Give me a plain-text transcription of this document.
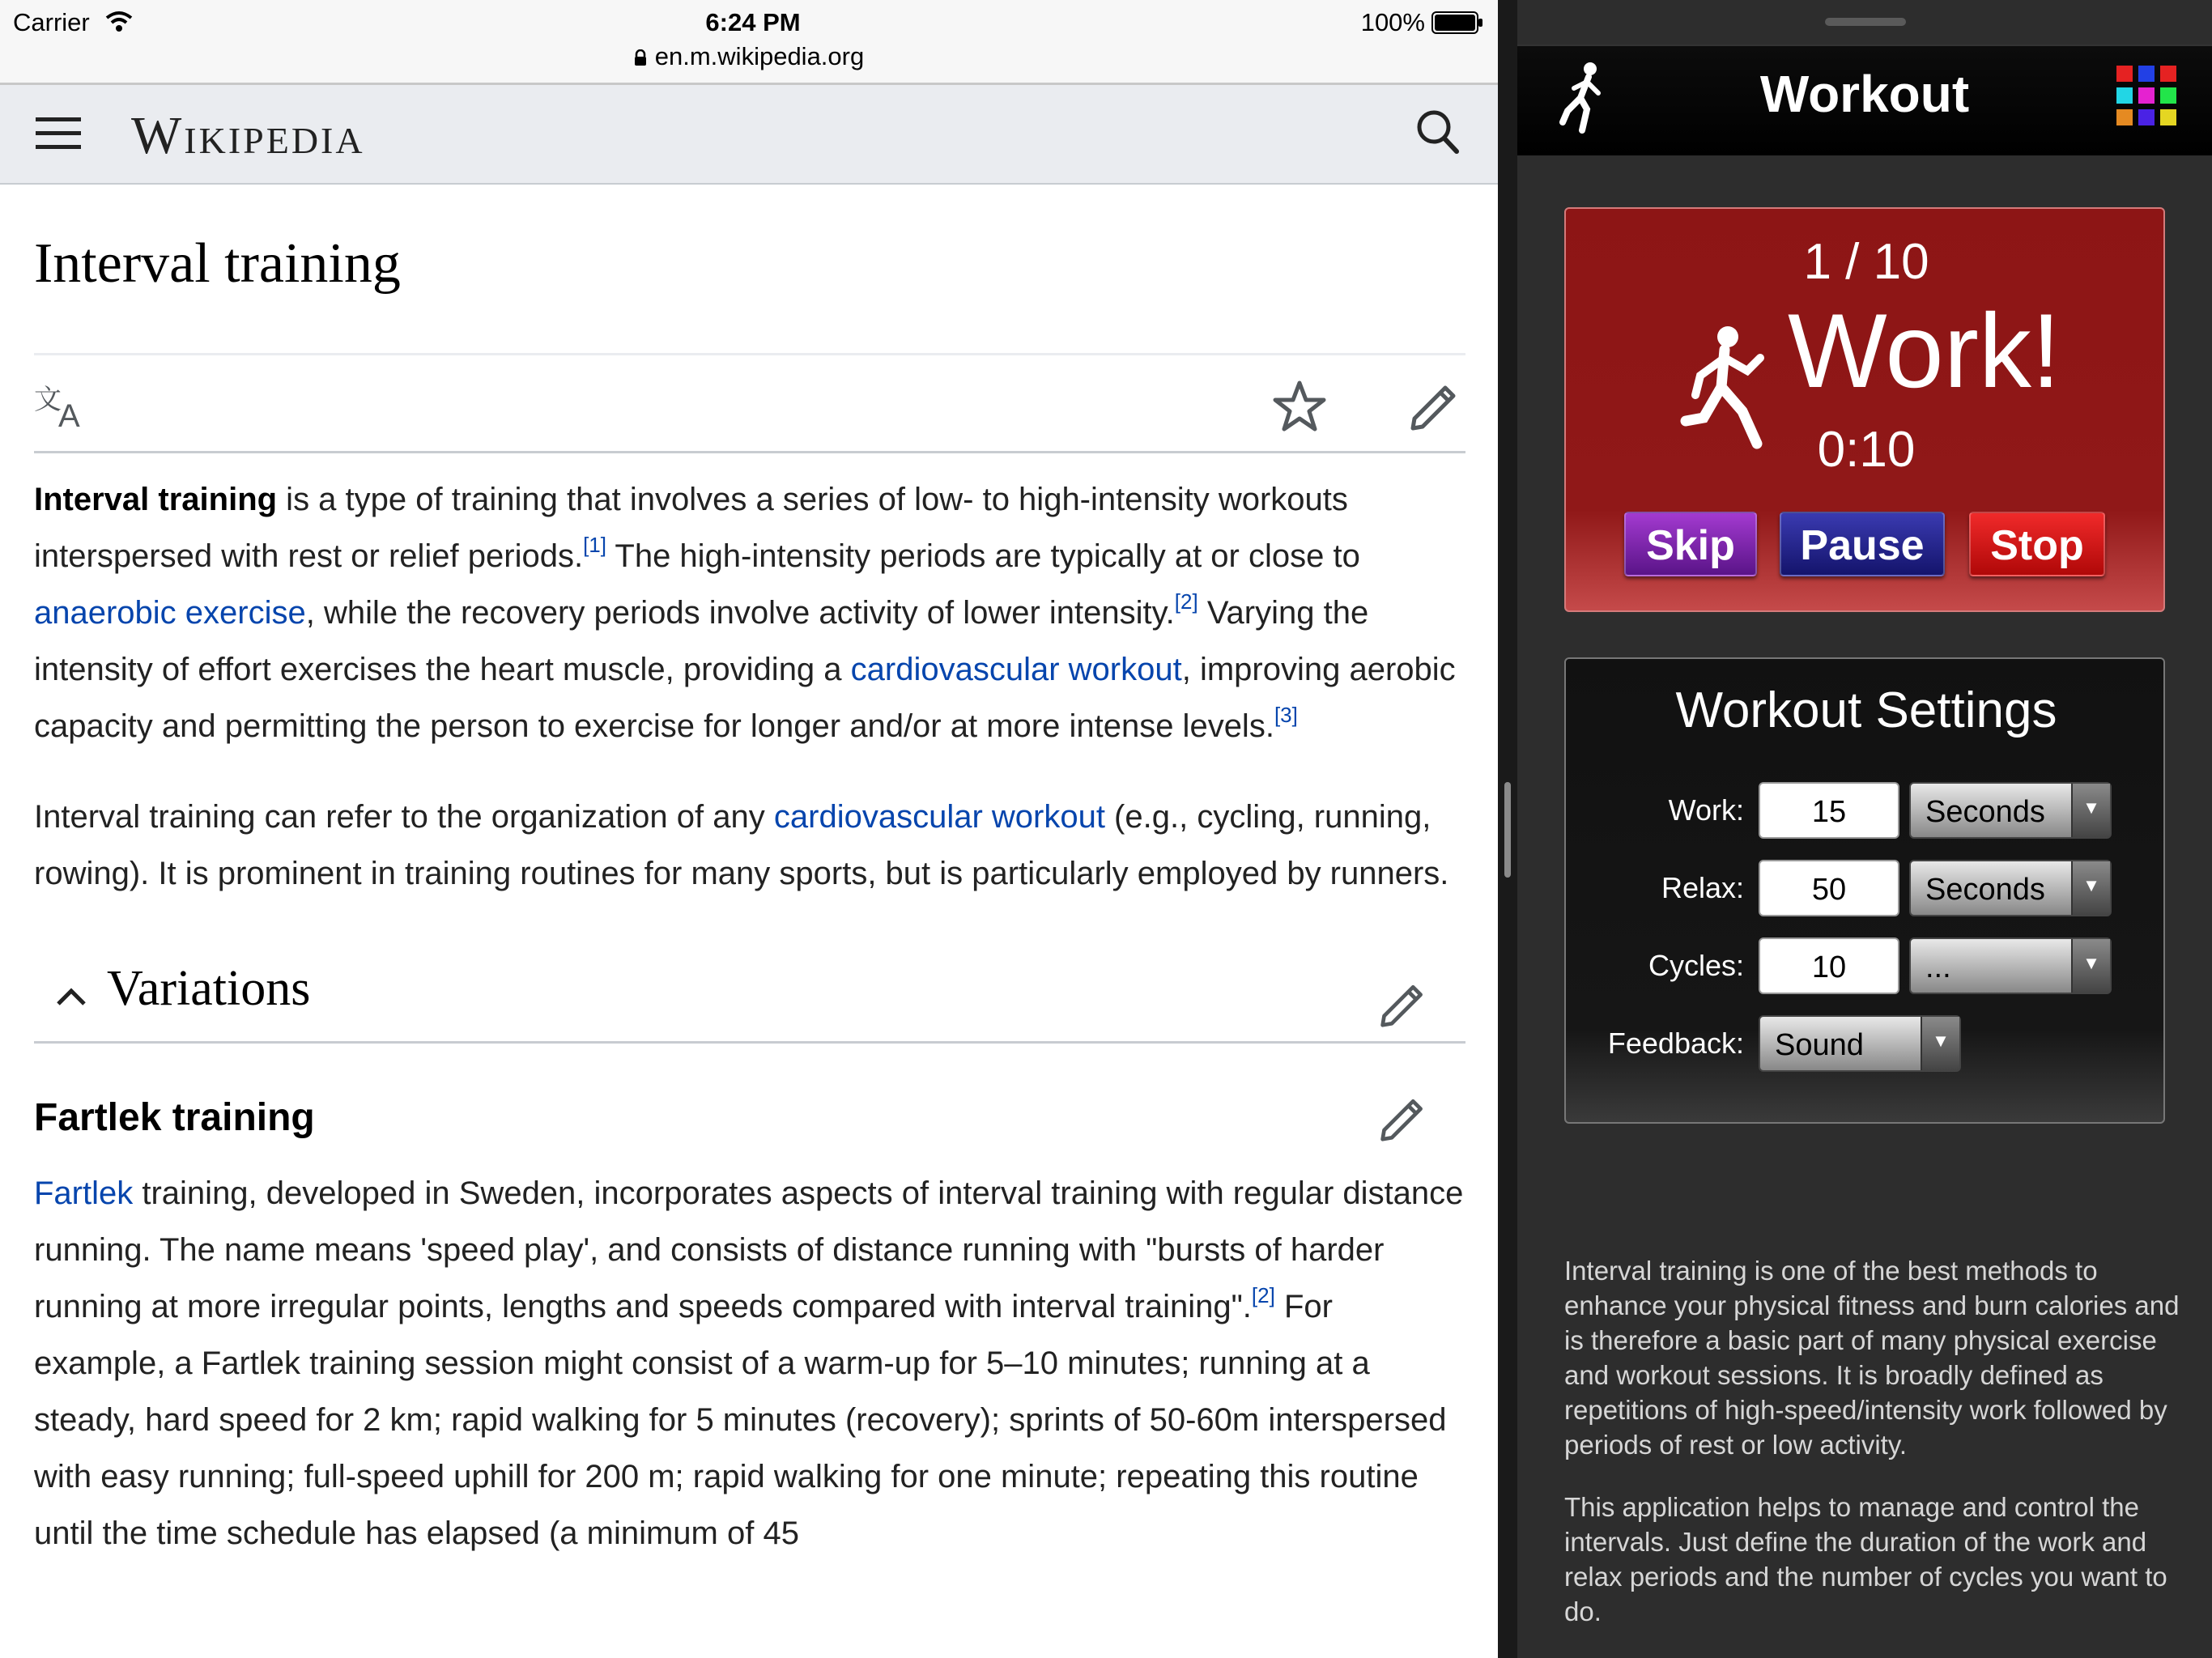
Carrier	6:24 PM	100%
en.m.wikipedia.org
Wikipedia
Interval training
文
A

Interval training is a type of training that involves a series of low- to high-intensity workouts interspersed with rest or relief periods.[1] The high-intensity periods are typically at or close to anaerobic exercise, while the recovery periods involve activity of lower intensity.[2] Varying the intensity of effort exercises the heart muscle, providing a cardiovascular workout, improving aerobic capacity and permitting the person to exercise for longer and/or at more intense levels.[3]

Interval training can refer to the organization of any cardiovascular workout (e.g., cycling, running, rowing). It is prominent in training routines for many sports, but is particularly employed by runners.

Variations
Fartlek training

Fartlek training, developed in Sweden, incorporates aspects of interval training with regular distance running. The name means 'speed play', and consists of distance running with "bursts of harder running at more irregular points, lengths and speeds compared with interval training".[2] For example, a Fartlek training session might consist of a warm-up for 5–10 minutes; running at a steady, hard speed for 2 km; rapid walking for 5 minutes (recovery); sprints of 50-60m interspersed with easy running; full-speed uphill for 200 m; rapid walking for one minute; repeating this routine until the time schedule has elapsed (a minimum of 45

Workout
1 / 10
Work!
0:10
Skip	Pause	Stop
Workout Settings
Work:	15	Seconds	▼
Relax:	50	Seconds	▼
Cycles:	10	...	▼
Feedback:	Sound	▼

Interval training is one of the best methods to enhance your physical fitness and burn calories and is therefore a basic part of many physical exercise and workout sessions. It is broadly defined as repetitions of high-speed/intensity work followed by periods of rest or low activity.

This application helps to manage and control the intervals. Just define the duration of the work and relax periods and the number of cycles you want to do.
